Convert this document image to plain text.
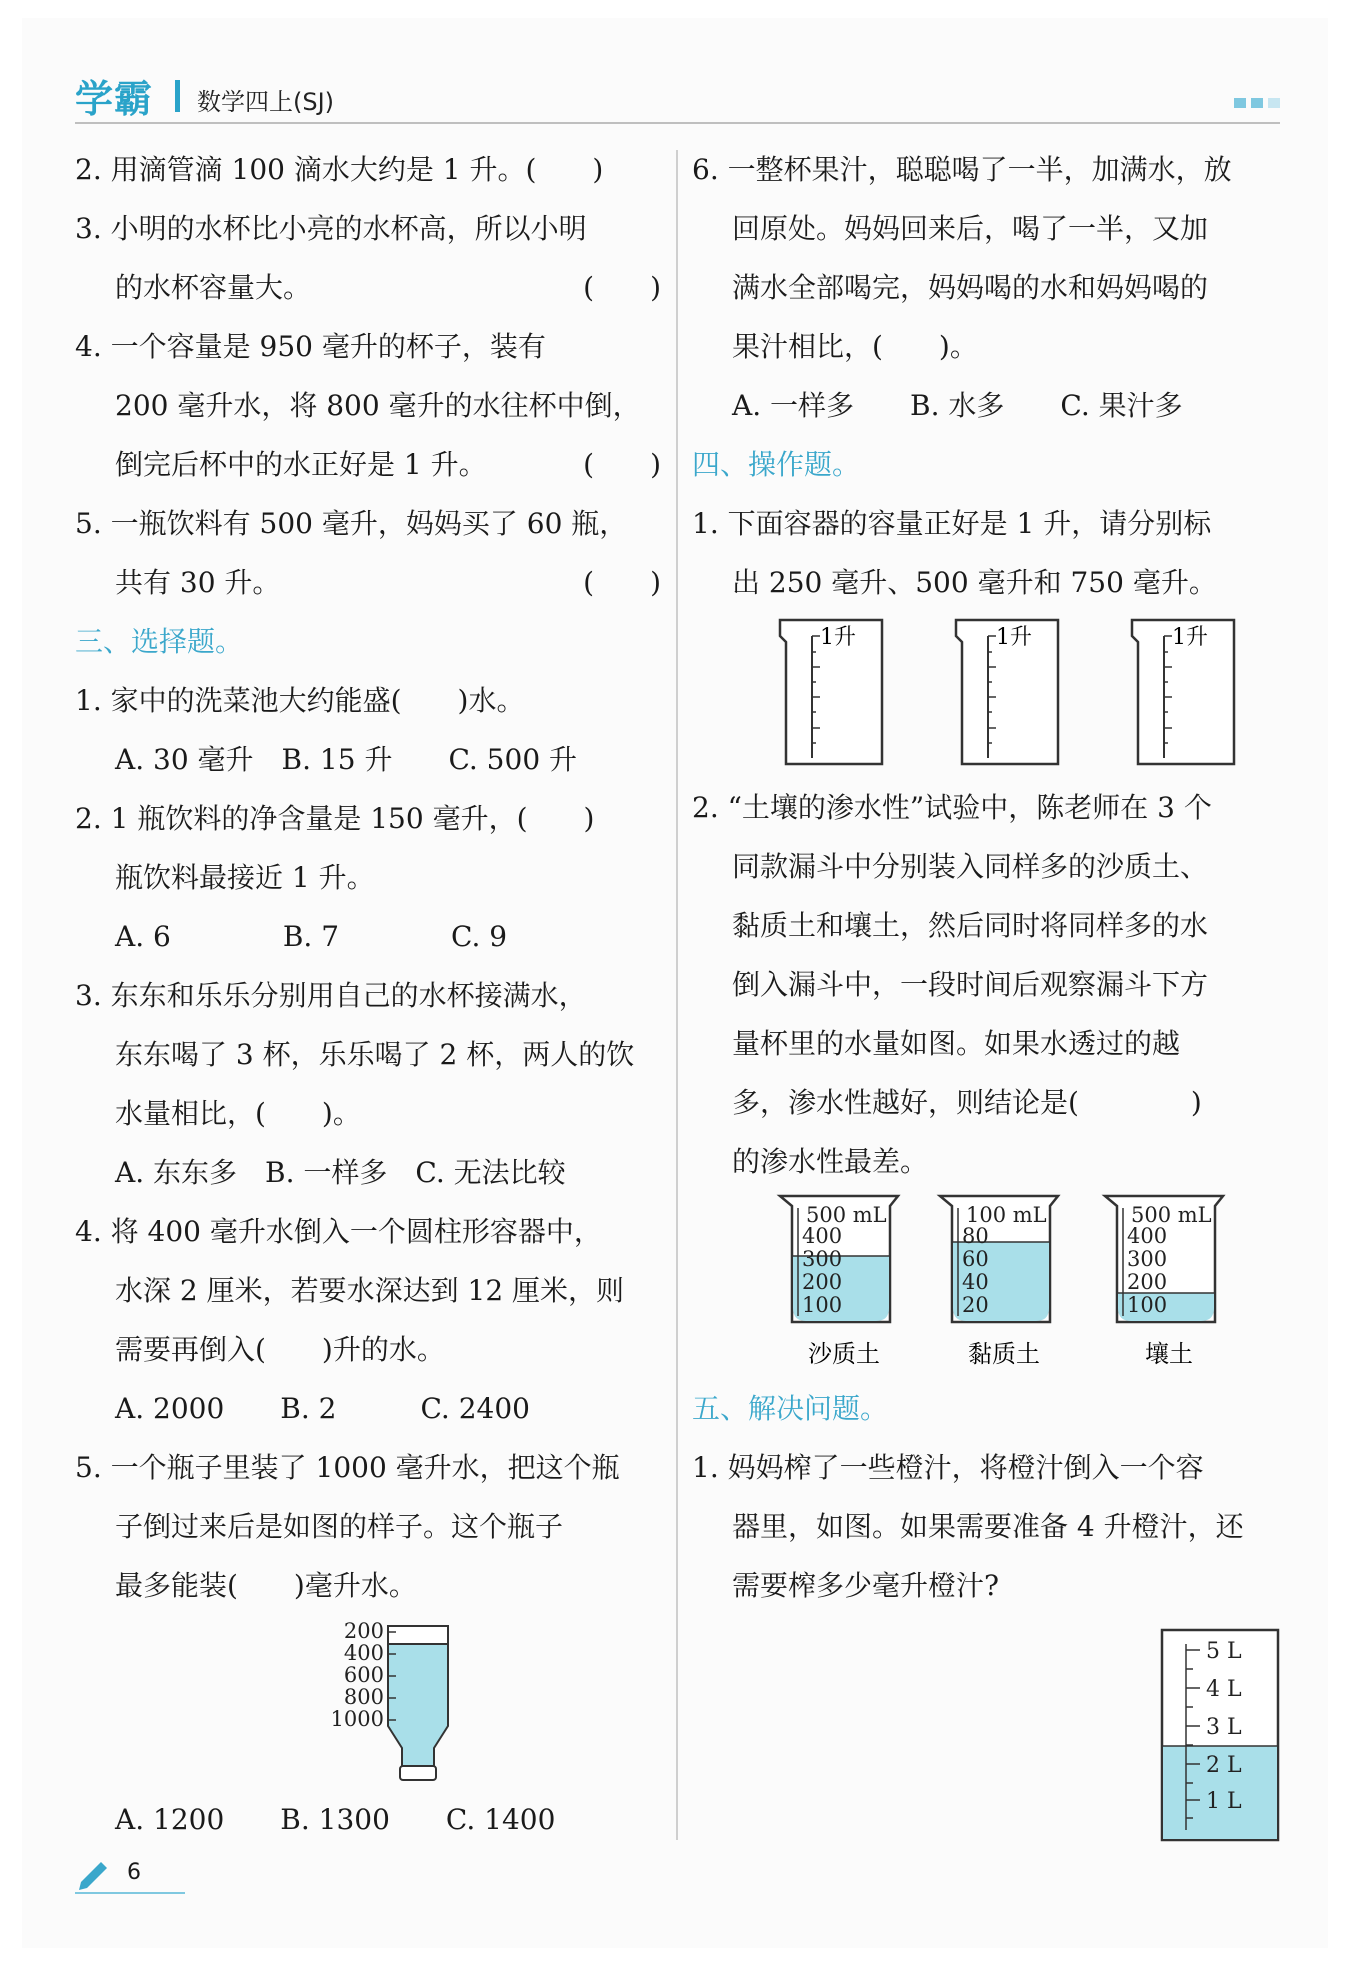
学霸 数学四上(SJ)
2. 用滴管滴 100 滴水大约是 1 升。(　　)
3. 小明的水杯比小亮的水杯高，所以小明
的水杯容量大。	(　　)
4. 一个容量是 950 毫升的杯子，装有
200 毫升水，将 800 毫升的水往杯中倒，
倒完后杯中的水正好是 1 升。	(　　)
5. 一瓶饮料有 500 毫升，妈妈买了 60 瓶，
共有 30 升。	(　　)
三、选择题。
1. 家中的洗菜池大约能盛(　　)水。
A. 30 毫升　B. 15 升　　C. 500 升
2. 1 瓶饮料的净含量是 150 毫升，(　　)
瓶饮料最接近 1 升。
A. 6　　　　B. 7　　　　C. 9
3. 东东和乐乐分别用自己的水杯接满水，
东东喝了 3 杯，乐乐喝了 2 杯，两人的饮
水量相比，(　　)。
A. 东东多　B. 一样多　C. 无法比较
4. 将 400 毫升水倒入一个圆柱形容器中，
水深 2 厘米，若要水深达到 12 厘米，则
需要再倒入(　　)升的水。
A. 2000　　B. 2　　　C. 2400
5. 一个瓶子里装了 1000 毫升水，把这个瓶
子倒过来后是如图的样子。这个瓶子
最多能装(　　)毫升水。
A. 1200　　B. 1300　　C. 1400
200
400
600
800
1000
6. 一整杯果汁，聪聪喝了一半，加满水，放
回原处。妈妈回来后，喝了一半，又加
满水全部喝完，妈妈喝的水和妈妈喝的
果汁相比，(　　)。
A. 一样多　　B. 水多　　C. 果汁多
四、操作题。
1. 下面容器的容量正好是 1 升，请分别标
出 250 毫升、500 毫升和 750 毫升。
2. “土壤的渗水性”试验中，陈老师在 3 个
同款漏斗中分别装入同样多的沙质土、
黏质土和壤土，然后同时将同样多的水
倒入漏斗中，一段时间后观察漏斗下方
量杯里的水量如图。如果水透过的越
多，渗水性越好，则结论是(　　　　)
的渗水性最差。
五、解决问题。
1. 妈妈榨了一些橙汁，将橙汁倒入一个容
器里，如图。如果需要准备 4 升橙汁，还
需要榨多少毫升橙汁?
1升	1升	1升
500 mL
400
300
200
100
沙质土
100 mL
80
60
40
20
黏质土
500 mL
400
300
200
100
壤土
5 L
4 L
3 L
2 L
1 L
6
